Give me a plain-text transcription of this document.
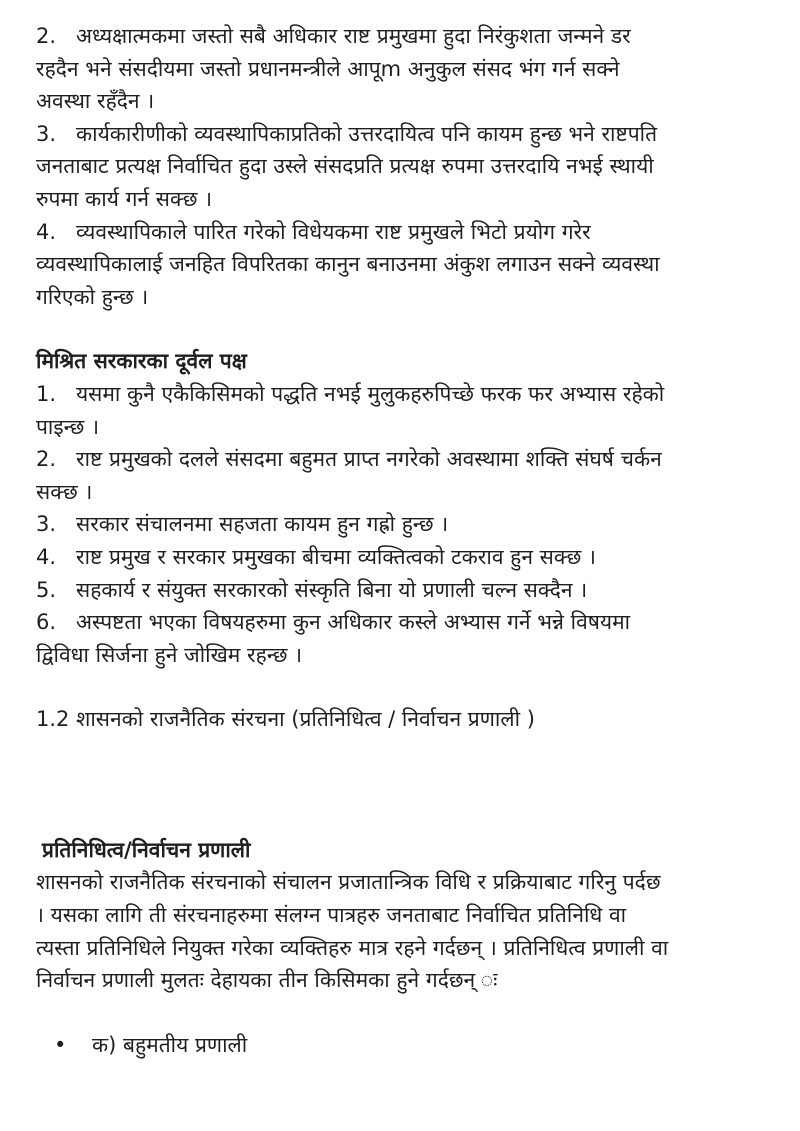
2. अध्यक्षात्मकमा जस्तो सबै अधिकार राष्ट प्रमुखमा हुदा निरंकुशता जन्मने डर
रहदैन भने संसदीयमा जस्तो प्रधानमन्त्रीले आपूm अनुकुल संसद भंग गर्न सक्ने
अवस्था रहँदैन ।
3. कार्यकारीणीको व्यवस्थापिकाप्रतिको उत्तरदायित्व पनि कायम हुन्छ भने राष्टपति
जनताबाट प्रत्यक्ष निर्वाचित हुदा उस्ले संसदप्रति प्रत्यक्ष रुपमा उत्तरदायि नभई स्थायी
रुपमा कार्य गर्न सक्छ ।
4. व्यवस्थापिकाले पारित गरेको विधेयकमा राष्ट प्रमुखले भिटो प्रयोग गरेर
व्यवस्थापिकालाई जनहित विपरितका कानुन बनाउनमा अंकुश लगाउन सक्ने व्यवस्था
गरिएको हुन्छ ।
मिश्रित सरकारका दूर्वल पक्ष
1. यसमा कुनै एकैकिसिमको पद्धति नभई मुलुकहरुपिच्छे फरक फर अभ्यास रहेको
पाइन्छ ।
2. राष्ट प्रमुखको दलले संसदमा बहुमत प्राप्त नगरेको अवस्थामा शक्ति संघर्ष चर्कन
सक्छ ।
3. सरकार संचालनमा सहजता कायम हुन गह्रो हुन्छ ।
4. राष्ट प्रमुख र सरकार प्रमुखका बीचमा व्यक्तित्वको टकराव हुन सक्छ ।
5. सहकार्य र संयुक्त सरकारको संस्कृति बिना यो प्रणाली चल्न सक्दैन ।
6. अस्पष्टता भएका विषयहरुमा कुन अधिकार कस्ले अभ्यास गर्ने भन्ने विषयमा
द्विविधा सिर्जना हुने जोखिम रहन्छ ।
1.2 शासनको राजनैतिक संरचना (प्रतिनिधित्व / निर्वाचन प्रणाली )
प्रतिनिधित्व/निर्वाचन प्रणाली
शासनको राजनैतिक संरचनाको संचालन प्रजातान्त्रिक विधि र प्रक्रियाबाट गरिनु पर्दछ
। यसका लागि ती संरचनाहरुमा संलग्न पात्रहरु जनताबाट निर्वाचित प्रतिनिधि वा
त्यस्ता प्रतिनिधिले नियुक्त गरेका व्यक्तिहरु मात्र रहने गर्दछन् । प्रतिनिधित्व प्रणाली वा
निर्वाचन प्रणाली मुलतः देहायका तीन किसिमका हुने गर्दछन् ः
• क) बहुमतीय प्रणाली
